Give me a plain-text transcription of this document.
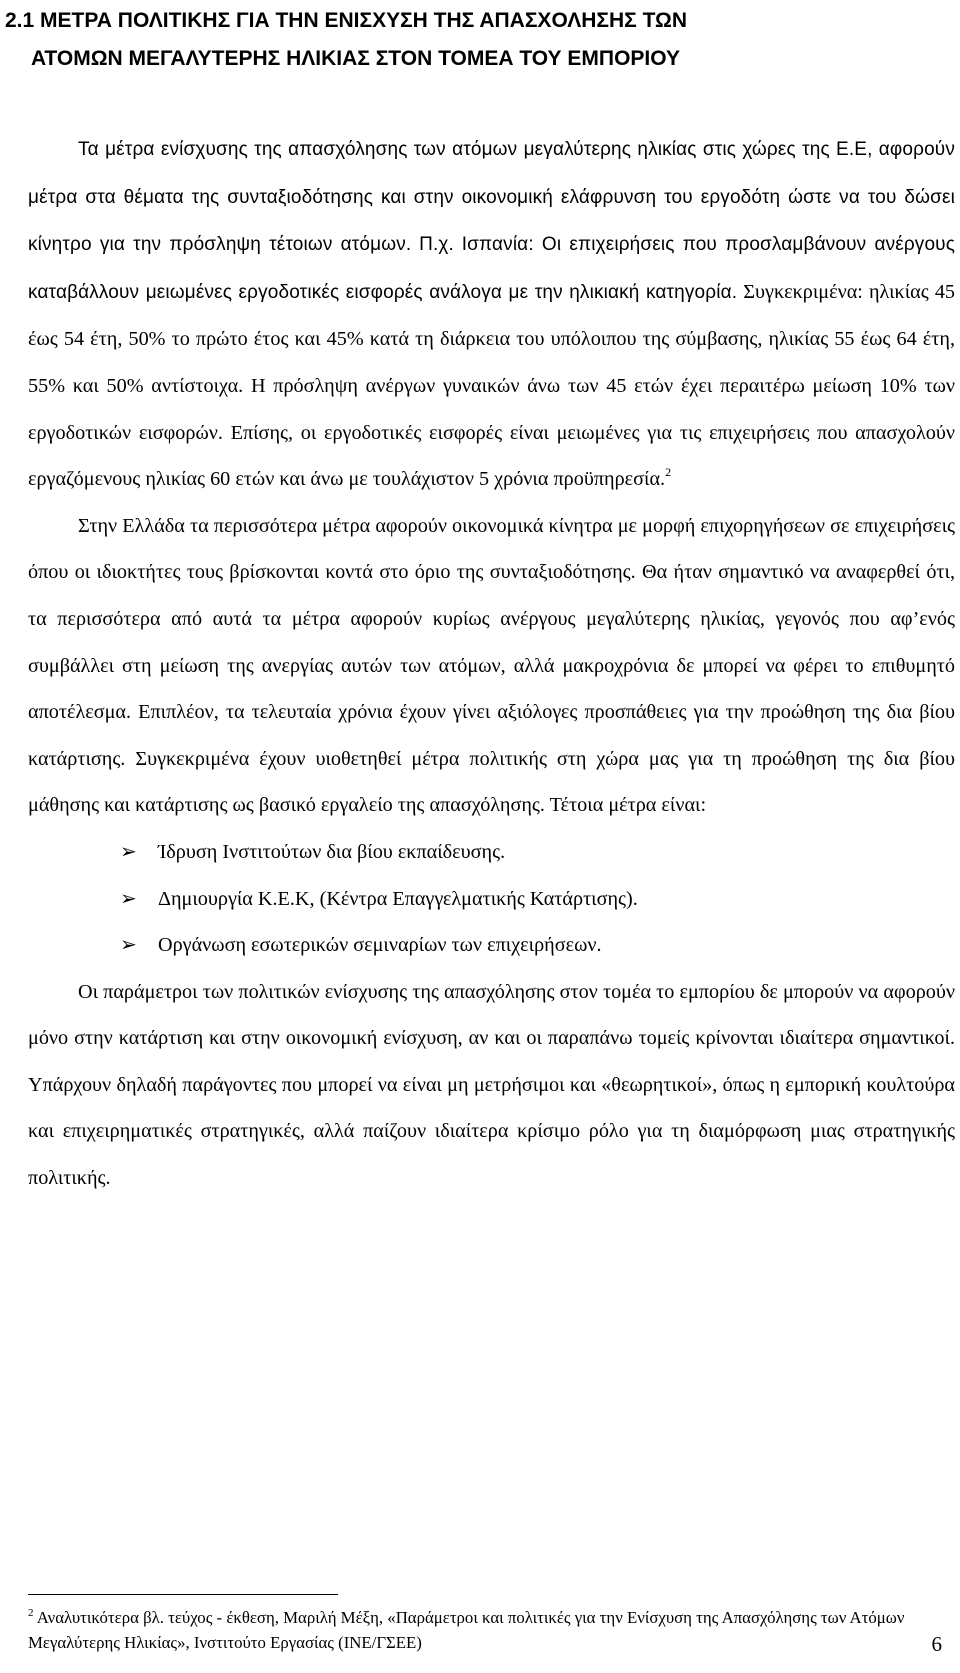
2.1 ΜΕΤΡΑ ΠΟΛΙΤΙΚΗΣ ΓΙΑ ΤΗΝ ΕΝΙΣΧΥΣΗ ΤΗΣ ΑΠΑΣΧΟΛΗΣΗΣ ΤΩΝ
ΑΤΟΜΩΝ ΜΕΓΑΛΥΤΕΡΗΣ ΗΛΙΚΙΑΣ ΣΤΟΝ ΤΟΜΕΑ ΤΟΥ ΕΜΠΟΡΙΟΥ

Τα μέτρα ενίσχυσης της απασχόλησης των ατόμων μεγαλύτερης ηλικίας στις χώρες της Ε.Ε, αφορούν μέτρα στα θέματα της συνταξιοδότησης και στην οικονομική ελάφρυνση του εργοδότη ώστε να του δώσει κίνητρο για την πρόσληψη τέτοιων ατόμων. Π.χ. Ισπανία: Οι επιχειρήσεις που προσλαμβάνουν ανέργους καταβάλλουν μειωμένες εργοδοτικές εισφορές ανάλογα με την ηλικιακή κατηγορία. Συγκεκριμένα: ηλικίας 45 έως 54 έτη, 50% το πρώτο έτος και 45% κατά τη διάρκεια του υπόλοιπου της σύμβασης, ηλικίας 55 έως 64 έτη, 55% και 50% αντίστοιχα. Η πρόσληψη ανέργων γυναικών άνω των 45 ετών έχει περαιτέρω μείωση 10% των εργοδοτικών εισφορών. Επίσης, οι εργοδοτικές εισφορές είναι μειωμένες για τις επιχειρήσεις που απασχολούν εργαζόμενους ηλικίας 60 ετών και άνω με τουλάχιστον 5 χρόνια προϋπηρεσία.$^2$

Στην Ελλάδα τα περισσότερα μέτρα αφορούν οικονομικά κίνητρα με μορφή επιχορηγήσεων σε επιχειρήσεις όπου οι ιδιοκτήτες τους βρίσκονται κοντά στο όριο της συνταξιοδότησης. Θα ήταν σημαντικό να αναφερθεί ότι, τα περισσότερα από αυτά τα μέτρα αφορούν κυρίως ανέργους μεγαλύτερης ηλικίας, γεγονός που αφ’ενός συμβάλλει στη μείωση της ανεργίας αυτών των ατόμων, αλλά μακροχρόνια δε μπορεί να φέρει το επιθυμητό αποτέλεσμα. Επιπλέον, τα τελευταία χρόνια έχουν γίνει αξιόλογες προσπάθειες για την προώθηση της δια βίου κατάρτισης. Συγκεκριμένα έχουν υιοθετηθεί μέτρα πολιτικής στη χώρα μας για τη προώθηση της δια βίου μάθησης και κατάρτισης ως βασικό εργαλείο της απασχόλησης. Τέτοια μέτρα είναι:

➢ Ίδρυση Ινστιτούτων δια βίου εκπαίδευσης.
➢ Δημιουργία Κ.Ε.Κ, (Κέντρα Επαγγελματικής Κατάρτισης).
➢ Οργάνωση εσωτερικών σεμιναρίων των επιχειρήσεων.

Οι παράμετροι των πολιτικών ενίσχυσης της απασχόλησης στον τομέα το εμπορίου δε μπορούν να αφορούν μόνο στην κατάρτιση και στην οικονομική ενίσχυση, αν και οι παραπάνω τομείς κρίνονται ιδιαίτερα σημαντικοί. Υπάρχουν δηλαδή παράγοντες που μπορεί να είναι μη μετρήσιμοι και «θεωρητικοί», όπως η εμπορική κουλτούρα και επιχειρηματικές στρατηγικές, αλλά παίζουν ιδιαίτερα κρίσιμο ρόλο για τη διαμόρφωση μιας στρατηγικής πολιτικής.

$^2$ Αναλυτικότερα βλ. τεύχος - έκθεση, Μαριλή Μέξη, «Παράμετροι και πολιτικές για την Ενίσχυση της Απασχόλησης των Ατόμων Μεγαλύτερης Ηλικίας», Ινστιτούτο Εργασίας (ΙΝΕ/ΓΣΕΕ)	6
